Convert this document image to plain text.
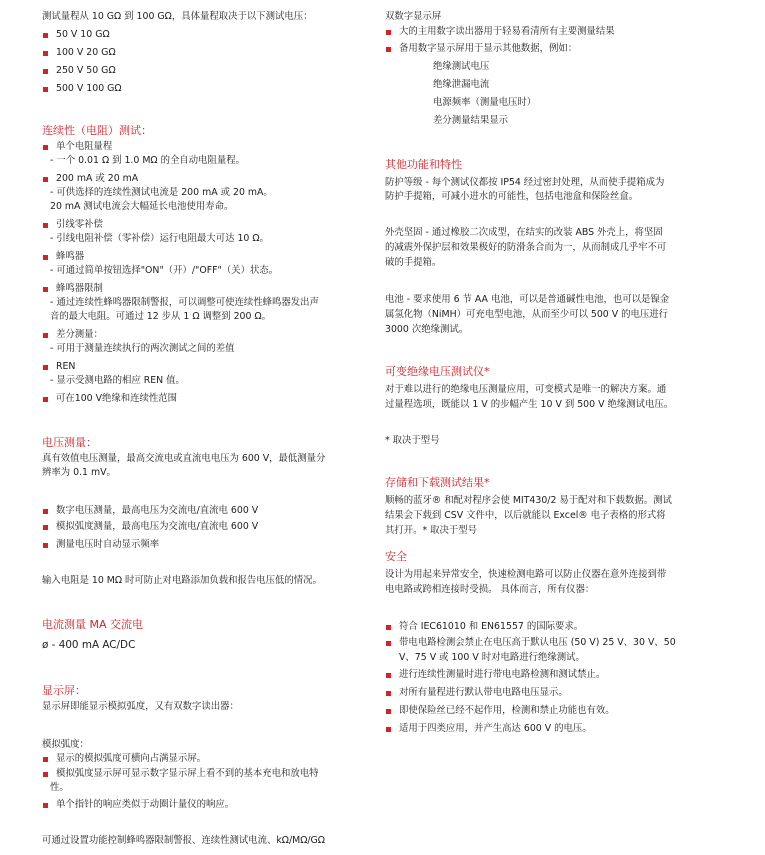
测试量程从 10 GΩ 到 100 GΩ，具体量程取决于以下测试电压：
50 V 10 GΩ
100 V 20 GΩ
250 V 50 GΩ
500 V 100 GΩ
连续性（电阻）测试：
单个电阻量程
- 一个 0.01 Ω 到 1.0 MΩ 的全自动电阻量程。
200 mA 或 20 mA
- 可供选择的连续性测试电流是 200 mA 或 20 mA。
20 mA 测试电流会大幅延长电池使用寿命。
引线零补偿
- 引线电阻补偿（零补偿）运行电阻最大可达 10 Ω。
蜂鸣器
- 可通过简单按钮选择"ON"（开）/"OFF"（关）状态。
蜂鸣器限制
- 通过连续性蜂鸣器限制警报，可以调整可使连续性蜂鸣器发出声
音的最大电阻。可通过 12 步从 1 Ω 调整到 200 Ω。
差分测量：
- 可用于测量连续执行的两次测试之间的差值
REN
- 显示受测电路的相应 REN 值。
可在100 V绝缘和连续性范围
电压测量：
真有效值电压测量，最高交流电或直流电电压为 600 V，最低测量分
辨率为 0.1 mV。
数字电压测量，最高电压为交流电/直流电 600 V
模拟弧度测量，最高电压为交流电/直流电 600 V
测量电压时自动显示频率
输入电阻是 10 MΩ 时可防止对电路添加负载和报告电压低的情况。
电流测量 MA 交流电
ø - 400 mA AC/DC
显示屏：
显示屏即能显示模拟弧度，又有双数字读出器：
模拟弧度：
显示的模拟弧度可横向占满显示屏。
模拟弧度显示屏可显示数字显示屏上看不到的基本充电和放电特
性。
单个指针的响应类似于动圈计量仪的响应。
可通过设置功能控制蜂鸣器限制警报、连续性测试电流、kΩ/MΩ/GΩ
双数字显示屏
大的主用数字读出器用于轻易看清所有主要测量结果
备用数字显示屏用于显示其他数据，例如：
绝缘测试电压
绝缘泄漏电流
电源频率（测量电压时）
差分测量结果显示
其他功能和特性
防护等级 - 每个测试仪都按 IP54 经过密封处理，从而使手提箱成为
防护手提箱，可减小进水的可能性，包括电池盒和保险丝盒。
外壳坚固 - 通过橡胶二次成型，在结实的改装 ABS 外壳上，将坚固
的减震外保护层和效果极好的防滑条合而为一，从而制成几乎牢不可
破的手提箱。
电池 - 要求使用 6 节 AA 电池，可以是普通碱性电池，也可以是镍金
属氢化物（NiMH）可充电型电池，从而至少可以 500 V 的电压进行
3000 次绝缘测试。
可变绝缘电压测试仪*
对于难以进行的绝缘电压测量应用，可变模式是唯一的解决方案。通
过量程选项，既能以 1 V 的步幅产生 10 V 到 500 V 绝缘测试电压。
* 取决于型号
存储和下载测试结果*
顺畅的蓝牙® 和配对程序会使 MIT430/2 易于配对和下载数据。测试
结果会下载到 CSV 文件中，以后就能以 Excel® 电子表格的形式将
其打开。* 取决于型号
安全
设计为用起来异常安全，快速检测电路可以防止仪器在意外连接到带
电电路或跨相连接时受损。 具体而言，所有仪器：
符合 IEC61010 和 EN61557 的国际要求。
带电电路检测会禁止在电压高于默认电压 (50 V) 25 V、30 V、50
V、75 V 或 100 V 时对电路进行绝缘测试。
进行连续性测量时进行带电电路检测和测试禁止。
对所有量程进行默认带电电路电压显示。
即使保险丝已经不起作用，检测和禁止功能也有效。
适用于四类应用，并产生高达 600 V 的电压。
